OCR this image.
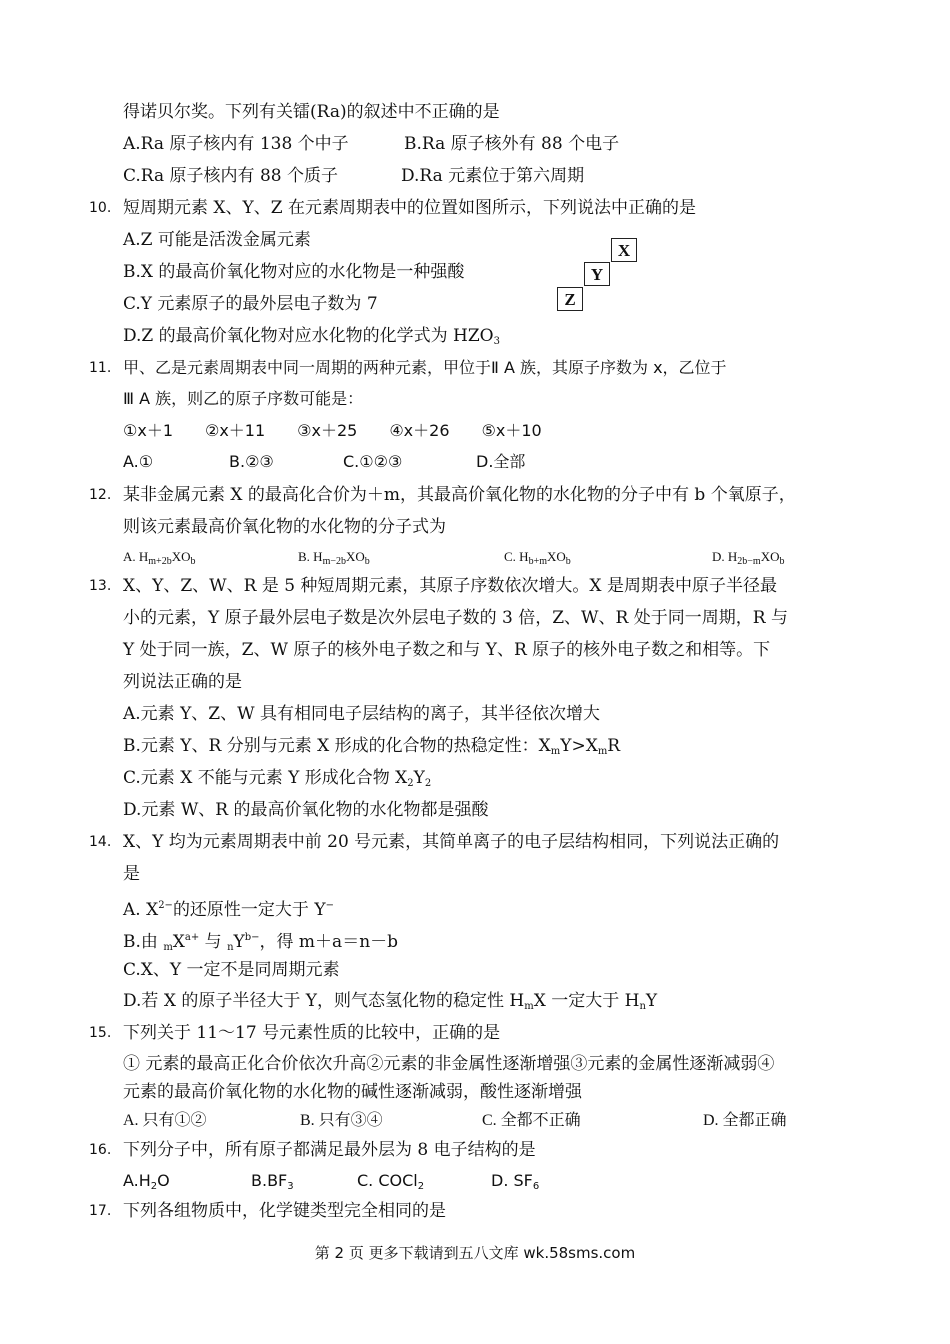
得诺贝尔奖。下列有关镭(Ra)的叙述中不正确的是
A.Ra 原子核内有 138 个中子	B.Ra 原子核外有 88 个电子
C.Ra 原子核内有 88 个质子	D.Ra 元素位于第六周期
10. 短周期元素 X、Y、Z 在元素周期表中的位置如图所示，下列说法中正确的是
A.Z 可能是活泼金属元素
B.X 的最高价氧化物对应的水化物是一种强酸
C.Y 元素原子的最外层电子数为 7
D.Z 的最高价氧化物对应水化物的化学式为 $HZO_3$
X
Y
Z
11. 甲、乙是元素周期表中同一周期的两种元素，甲位于Ⅱ A 族，其原子序数为 x，乙位于
Ⅲ A 族，则乙的原子序数可能是：
①x＋1　　②x＋11　　③x＋25　　④x＋26　　⑤x＋10
A.①	B.②③	C.①②③	D.全部
12. 某非金属元素 X 的最高化合价为＋m，其最高价氧化物的水化物的分子中有 b 个氧原子，
则该元素最高价氧化物的水化物的分子式为
A. $H_{m+2b}XO_b$	B. $H_{m-2b}XO_b$	C. $H_{b+m}XO_b$	D. $H_{2b-m}XO_b$
13. X、Y、Z、W、R 是 5 种短周期元素，其原子序数依次增大。X 是周期表中原子半径最
小的元素，Y 原子最外层电子数是次外层电子数的 3 倍，Z、W、R 处于同一周期，R 与
Y 处于同一族，Z、W 原子的核外电子数之和与 Y、R 原子的核外电子数之和相等。下
列说法正确的是
A.元素 Y、Z、W 具有相同电子层结构的离子，其半径依次增大
B.元素 Y、R 分别与元素 X 形成的化合物的热稳定性：$X_mY>X_mR$
C.元素 X 不能与元素 Y 形成化合物 $X_2Y_2$
D.元素 W、R 的最高价氧化物的水化物都是强酸
14. X、Y 均为元素周期表中前 20 号元素，其简单离子的电子层结构相同，下列说法正确的
是
A. $X^{2-}$的还原性一定大于 Y−
B.由 $_mX^{a+}$ 与 $_nY^{b-}$，得 m＋a＝n－b
C.X、Y 一定不是同周期元素
D.若 X 的原子半径大于 Y，则气态氢化物的稳定性 $H_mX$ 一定大于 $H_nY$
15. 下列关于 11～17 号元素性质的比较中，正确的是
① 元素的最高正化合价依次升高②元素的非金属性逐渐增强③元素的金属性逐渐减弱④
元素的最高价氧化物的水化物的碱性逐渐减弱，酸性逐渐增强
A. 只有①②	B. 只有③④	C. 全都不正确	D. 全都正确
16. 下列分子中，所有原子都满足最外层为 8 电子结构的是
$A.H_2O$	$B.BF_3$	C. COCl$_2$	D. $SF_6$
17. 下列各组物质中，化学键类型完全相同的是
第 2 页 更多下载请到五八文库 wk.58sms.com
